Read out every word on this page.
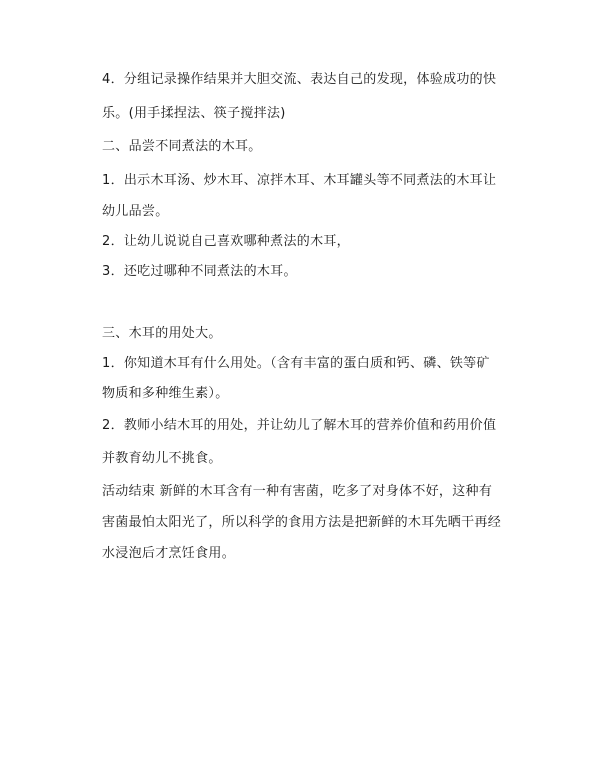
4．分组记录操作结果并大胆交流、表达自己的发现，体验成功的快
乐。(用手揉捏法、筷子搅拌法)
二、品尝不同煮法的木耳。
1．出示木耳汤、炒木耳、凉拌木耳、木耳罐头等不同煮法的木耳让
幼儿品尝。
2．让幼儿说说自己喜欢哪种煮法的木耳，
3．还吃过哪种不同煮法的木耳。
三、木耳的用处大。
1．你知道木耳有什么用处。（含有丰富的蛋白质和钙、磷、铁等矿
物质和多种维生素）。
2．教师小结木耳的用处，并让幼儿了解木耳的营养价值和药用价值
并教育幼儿不挑食。
活动结束 新鲜的木耳含有一种有害菌，吃多了对身体不好，这种有
害菌最怕太阳光了，所以科学的食用方法是把新鲜的木耳先晒干再经
水浸泡后才烹饪食用。
